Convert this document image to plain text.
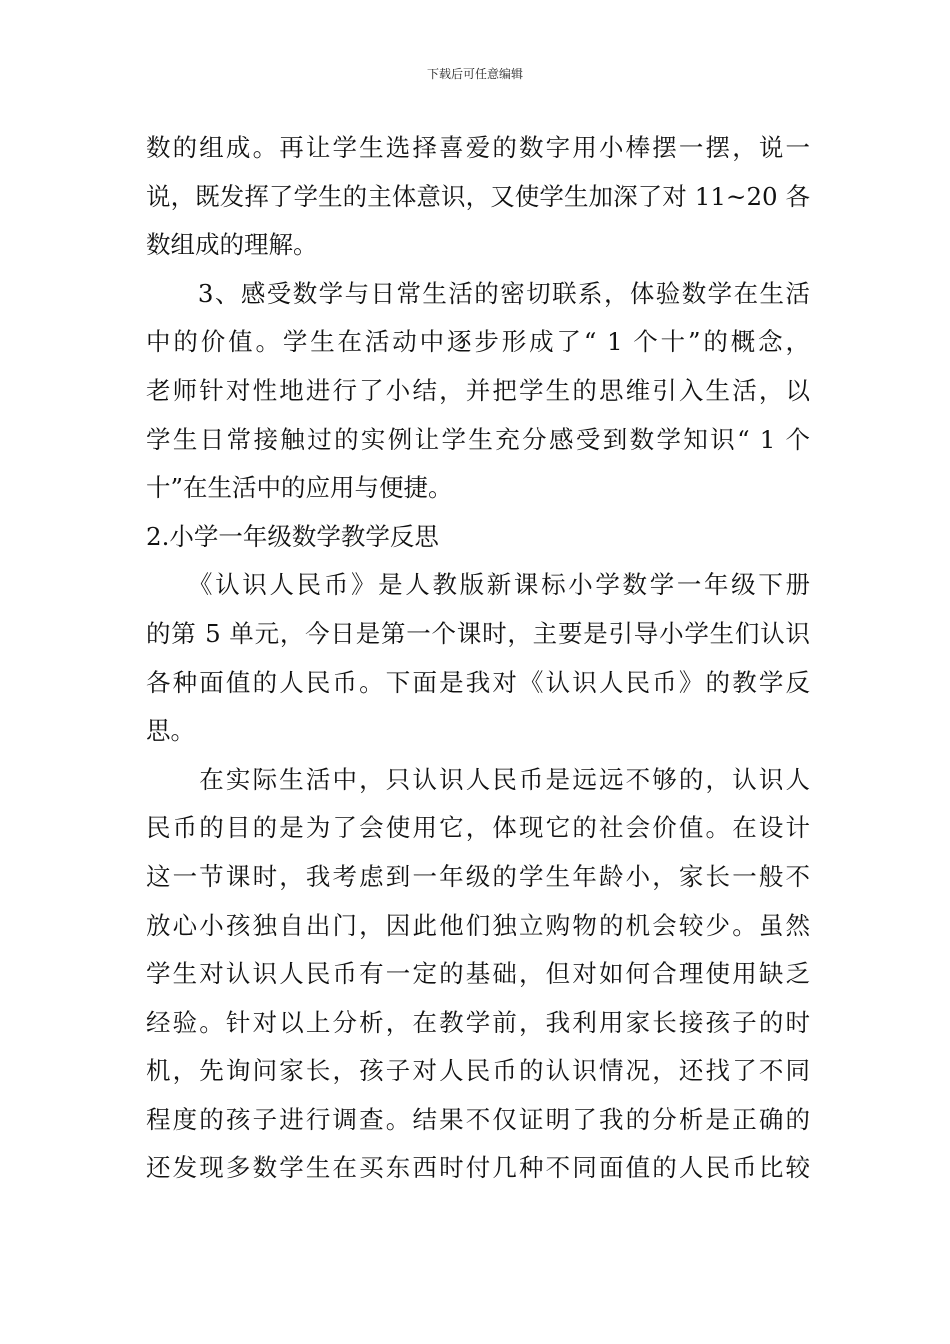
下载后可任意编辑
数的组成。再让学生选择喜爱的数字用小棒摆一摆，说一
说，既发挥了学生的主体意识，又使学生加深了对 11~20 各
数组成的理解。
　　3、感受数学与日常生活的密切联系，体验数学在生活
中的价值。学生在活动中逐步形成了“ 1 个十”的概念，
老师针对性地进行了小结，并把学生的思维引入生活，以
学生日常接触过的实例让学生充分感受到数学知识“ 1 个
十”在生活中的应用与便捷。
2.小学一年级数学教学反思
　　《认识人民币》是人教版新课标小学数学一年级下册
的第 5 单元，今日是第一个课时，主要是引导小学生们认识
各种面值的人民币。下面是我对《认识人民币》的教学反
思。
　　在实际生活中，只认识人民币是远远不够的，认识人
民币的目的是为了会使用它，体现它的社会价值。在设计
这一节课时，我考虑到一年级的学生年龄小，家长一般不
放心小孩独自出门，因此他们独立购物的机会较少。虽然
学生对认识人民币有一定的基础，但对如何合理使用缺乏
经验。针对以上分析，在教学前，我利用家长接孩子的时
机，先询问家长，孩子对人民币的认识情况，还找了不同
程度的孩子进行调查。结果不仅证明了我的分析是正确的
还发现多数学生在买东西时付几种不同面值的人民币比较
